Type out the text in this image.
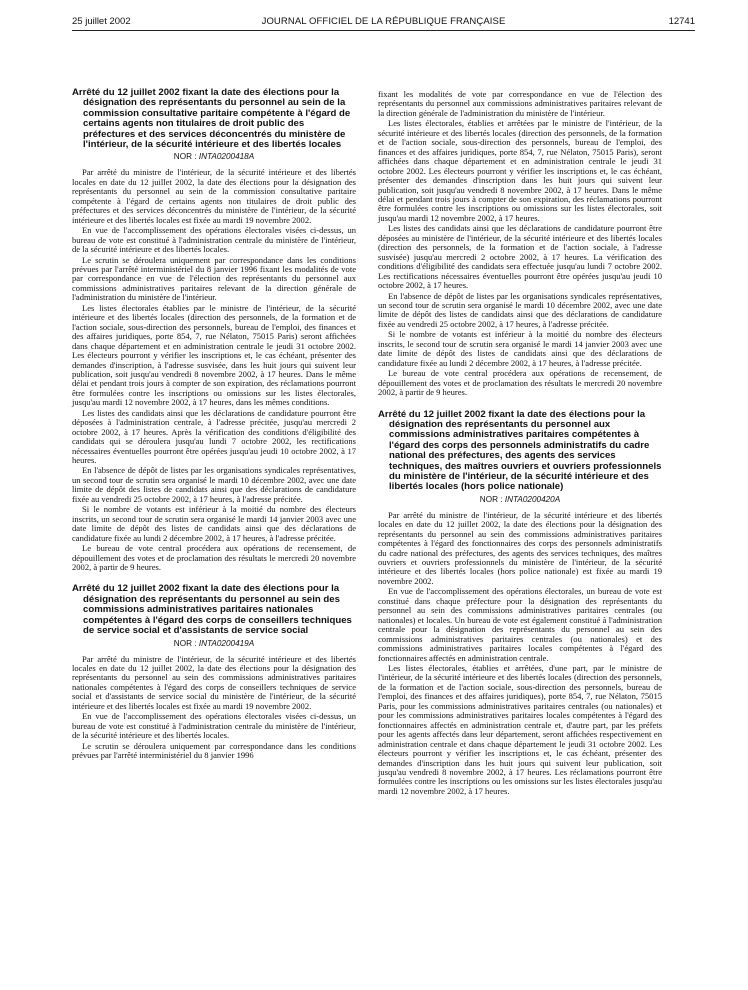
25 juillet 2002	JOURNAL OFFICIEL DE LA RÉPUBLIQUE FRANÇAISE	12741
Arrêté du 12 juillet 2002 fixant la date des élections pour la désignation des représentants du personnel au sein de la commission consultative paritaire compétente à l'égard de certains agents non titulaires de droit public des préfectures et des services déconcentrés du ministère de l'intérieur, de la sécurité intérieure et des libertés locales
NOR : INTA0200418A

Par arrêté du ministre de l'intérieur, de la sécurité intérieure et des libertés locales en date du 12 juillet 2002, la date des élections pour la désignation des représentants du personnel au sein de la commission consultative paritaire compétente à l'égard de certains agents non titulaires de droit public des préfectures et des services déconcentrés du ministère de l'intérieur, de la sécurité intérieure et des libertés locales est fixée au mardi 19 novembre 2002.

En vue de l'accomplissement des opérations électorales visées ci-dessus, un bureau de vote est constitué à l'administration centrale du ministère de l'intérieur, de la sécurité intérieure et des libertés locales.

Le scrutin se déroulera uniquement par correspondance dans les conditions prévues par l'arrêté interministériel du 8 janvier 1996 fixant les modalités de vote par correspondance en vue de l'élection des représentants du personnel aux commissions administratives paritaires relevant de la direction générale de l'administration du ministère de l'intérieur.

Les listes électorales établies par le ministre de l'intérieur, de la sécurité intérieure et des libertés locales (direction des personnels, de la formation et de l'action sociale, sous-direction des personnels, bureau de l'emploi, des finances et des affaires juridiques, porte 854, 7, rue Nélaton, 75015 Paris) seront affichées dans chaque département et en administration centrale le jeudi 31 octobre 2002. Les électeurs pourront y vérifier les inscriptions et, le cas échéant, présenter des demandes d'inscription, à l'adresse susvisée, dans les huit jours qui suivent leur publication, soit jusqu'au vendredi 8 novembre 2002, à 17 heures. Dans le même délai et pendant trois jours à compter de son expiration, des réclamations pourront être formulées contre les inscriptions ou omissions sur les listes électorales, jusqu'au mardi 12 novembre 2002, à 17 heures, dans les mêmes conditions.

Les listes des candidats ainsi que les déclarations de candidature pourront être déposées à l'administration centrale, à l'adresse précitée, jusqu'au mercredi 2 octobre 2002, à 17 heures. Après la vérification des conditions d'éligibilité des candidats qui se déroulera jusqu'au lundi 7 octobre 2002, les rectifications nécessaires éventuelles pourront être opérées jusqu'au jeudi 10 octobre 2002, à 17 heures.

En l'absence de dépôt de listes par les organisations syndicales représentatives, un second tour de scrutin sera organisé le mardi 10 décembre 2002, avec une date limite de dépôt des listes de candidats ainsi que des déclarations de candidature fixée au vendredi 25 octobre 2002, à 17 heures, à l'adresse précitée.

Si le nombre de votants est inférieur à la moitié du nombre des électeurs inscrits, un second tour de scrutin sera organisé le mardi 14 janvier 2003 avec une date limite de dépôt des listes de candidats ainsi que des déclarations de candidature fixée au lundi 2 décembre 2002, à 17 heures, à l'adresse précitée.

Le bureau de vote central procédera aux opérations de recensement, de dépouillement des votes et de proclamation des résultats le mercredi 20 novembre 2002, à partir de 9 heures.

Arrêté du 12 juillet 2002 fixant la date des élections pour la désignation des représentants du personnel au sein des commissions administratives paritaires nationales compétentes à l'égard des corps de conseillers techniques de service social et d'assistants de service social
NOR : INTA0200419A

Par arrêté du ministre de l'intérieur, de la sécurité intérieure et des libertés locales en date du 12 juillet 2002, la date des élections pour la désignation des représentants du personnel au sein des commissions administratives paritaires nationales compétentes à l'égard des corps de conseillers techniques de service social et d'assistants de service social du ministère de l'intérieur, de la sécurité intérieure et des libertés locales est fixée au mardi 19 novembre 2002.

En vue de l'accomplissement des opérations électorales visées ci-dessus, un bureau de vote est constitué à l'administration centrale du ministère de l'intérieur, de la sécurité intérieure et des libertés locales.

Le scrutin se déroulera uniquement par correspondance dans les conditions prévues par l'arrêté interministériel du 8 janvier 1996

fixant les modalités de vote par correspondance en vue de l'élection des représentants du personnel aux commissions administratives paritaires relevant de la direction générale de l'administration du ministère de l'intérieur.

Les listes électorales, établies et arrêtées par le ministre de l'intérieur, de la sécurité intérieure et des libertés locales (direction des personnels, de la formation et de l'action sociale, sous-direction des personnels, bureau de l'emploi, des finances et des affaires juridiques, porte 854, 7, rue Nélaton, 75015 Paris), seront affichées dans chaque département et en administration centrale le jeudi 31 octobre 2002. Les électeurs pourront y vérifier les inscriptions et, le cas échéant, présenter des demandes d'inscription dans les huit jours qui suivent leur publication, soit jusqu'au vendredi 8 novembre 2002, à 17 heures. Dans le même délai et pendant trois jours à compter de son expiration, des réclamations pourront être formulées contre les inscriptions ou omissions sur les listes électorales, soit jusqu'au mardi 12 novembre 2002, à 17 heures.

Les listes des candidats ainsi que les déclarations de candidature pourront être déposées au ministère de l'intérieur, de la sécurité intérieure et des libertés locales (direction des personnels, de la formation et de l'action sociale, à l'adresse susvisée) jusqu'au mercredi 2 octobre 2002, à 17 heures. La vérification des conditions d'éligibilité des candidats sera effectuée jusqu'au lundi 7 octobre 2002. Les rectifications nécessaires éventuelles pourront être opérées jusqu'au jeudi 10 octobre 2002, à 17 heures.

En l'absence de dépôt de listes par les organisations syndicales représentatives, un second tour de scrutin sera organisé le mardi 10 décembre 2002, avec une date limite de dépôt des listes de candidats ainsi que des déclarations de candidature fixée au vendredi 25 octobre 2002, à 17 heures, à l'adresse précitée.

Si le nombre de votants est inférieur à la moitié du nombre des électeurs inscrits, le second tour de scrutin sera organisé le mardi 14 janvier 2003 avec une date limite de dépôt des listes de candidats ainsi que des déclarations de candidature fixée au lundi 2 décembre 2002, à 17 heures, à l'adresse précitée.

Le bureau de vote central procédera aux opérations de recensement, de dépouillement des votes et de proclamation des résultats le mercredi 20 novembre 2002, à partir de 9 heures.

Arrêté du 12 juillet 2002 fixant la date des élections pour la désignation des représentants du personnel aux commissions administratives paritaires compétentes à l'égard des corps des personnels administratifs du cadre national des préfectures, des agents des services techniques, des maîtres ouvriers et ouvriers professionnels du ministère de l'intérieur, de la sécurité intérieure et des libertés locales (hors police nationale)
NOR : INTA0200420A

Par arrêté du ministre de l'intérieur, de la sécurité intérieure et des libertés locales en date du 12 juillet 2002, la date des élections pour la désignation des représentants du personnel au sein des commissions administratives paritaires compétentes à l'égard des fonctionnaires des corps des personnels administratifs du cadre national des préfectures, des agents des services techniques, des maîtres ouvriers et ouvriers professionnels du ministère de l'intérieur, de la sécurité intérieure et des libertés locales (hors police nationale) est fixée au mardi 19 novembre 2002.

En vue de l'accomplissement des opérations électorales, un bureau de vote est constitué dans chaque préfecture pour la désignation des représentants du personnel au sein des commissions administratives paritaires centrales (ou nationales) et locales. Un bureau de vote est également constitué à l'administration centrale pour la désignation des représentants du personnel au sein des commissions administratives paritaires centrales (ou nationales) et des commissions administratives paritaires locales compétentes à l'égard des fonctionnaires affectés en administration centrale.

Les listes électorales, établies et arrêtées, d'une part, par le ministre de l'intérieur, de la sécurité intérieure et des libertés locales (direction des personnels, de la formation et de l'action sociale, sous-direction des personnels, bureau de l'emploi, des finances et des affaires juridiques), porte 854, 7, rue Nélaton, 75015 Paris, pour les commissions administratives paritaires centrales (ou nationales) et pour les commissions administratives paritaires locales compétentes à l'égard des fonctionnaires affectés en administration centrale et, d'autre part, par les préfets pour les agents affectés dans leur département, seront affichées respectivement en administration centrale et dans chaque département le jeudi 31 octobre 2002. Les électeurs pourront y vérifier les inscriptions et, le cas échéant, présenter des demandes d'inscription dans les huit jours qui suivent leur publication, soit jusqu'au vendredi 8 novembre 2002, à 17 heures. Les réclamations pourront être formulées contre les inscriptions ou les omissions sur les listes électorales jusqu'au mardi 12 novembre 2002, à 17 heures.
